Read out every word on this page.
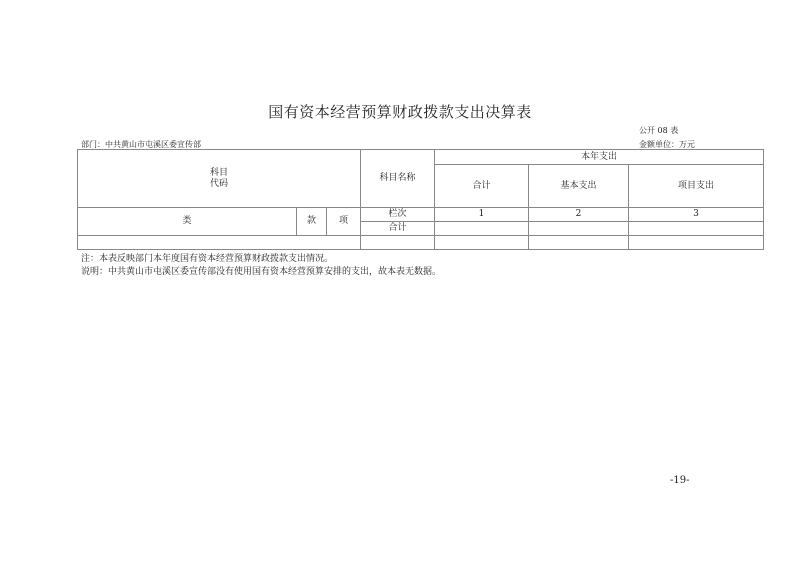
国有资本经营预算财政拨款支出决算表
公开 08 表
金额单位：万元
部门：中共黄山市屯溪区委宣传部
科目
代码			科目名称	本年支出		
				合计	基本支出	项目支出
类	款	项	栏次	1	2	3
			合计			

注：本表反映部门本年度国有资本经营预算财政拨款支出情况。
说明：中共黄山市屯溪区委宣传部没有使用国有资本经营预算安排的支出，故本表无数据。
-19-
